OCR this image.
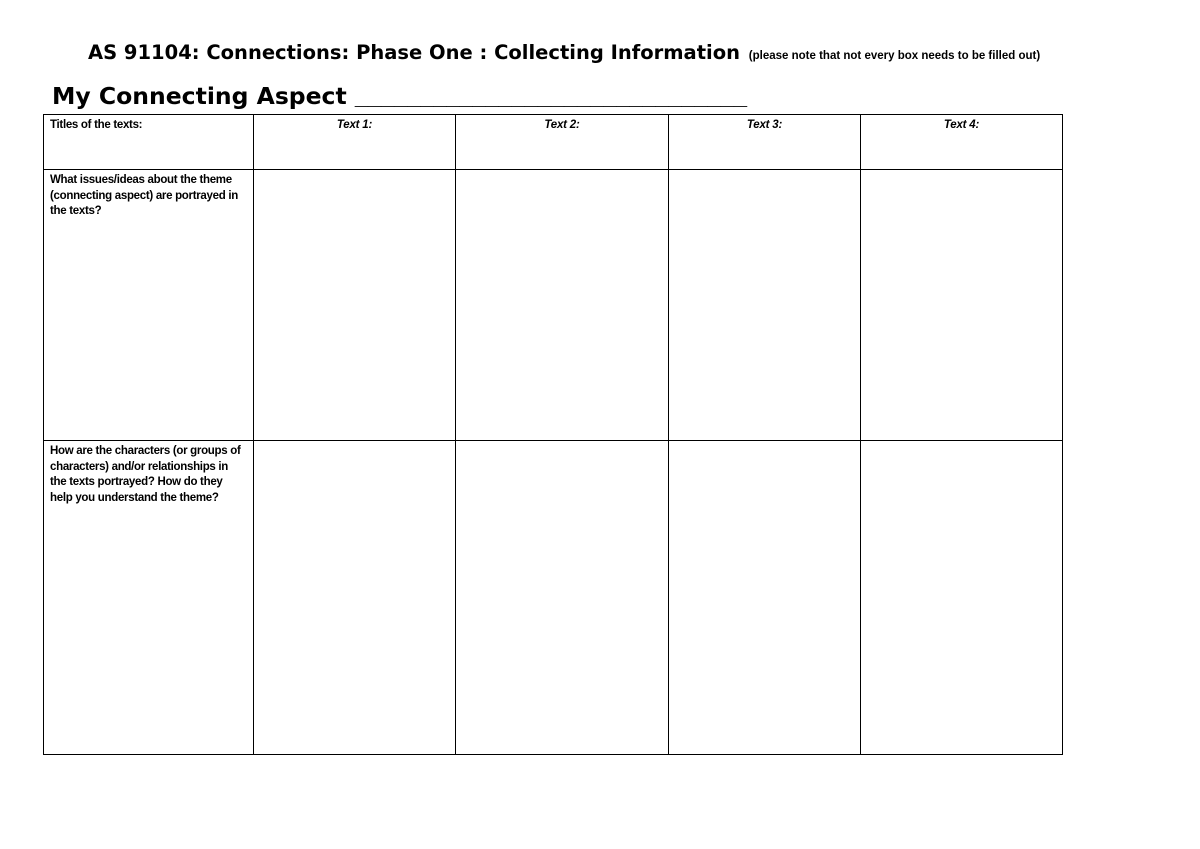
AS 91104: Connections: Phase One : Collecting Information (please note that not every box needs to be filled out)
My Connecting Aspect ______________________________
Titles of the texts:	Text 1:	Text 2:	Text 3:	Text 4:
What issues/ideas about the theme (connecting aspect) are portrayed in the texts?				
How are the characters (or groups of characters) and/or relationships in the texts portrayed? How do they help you understand the theme?				
